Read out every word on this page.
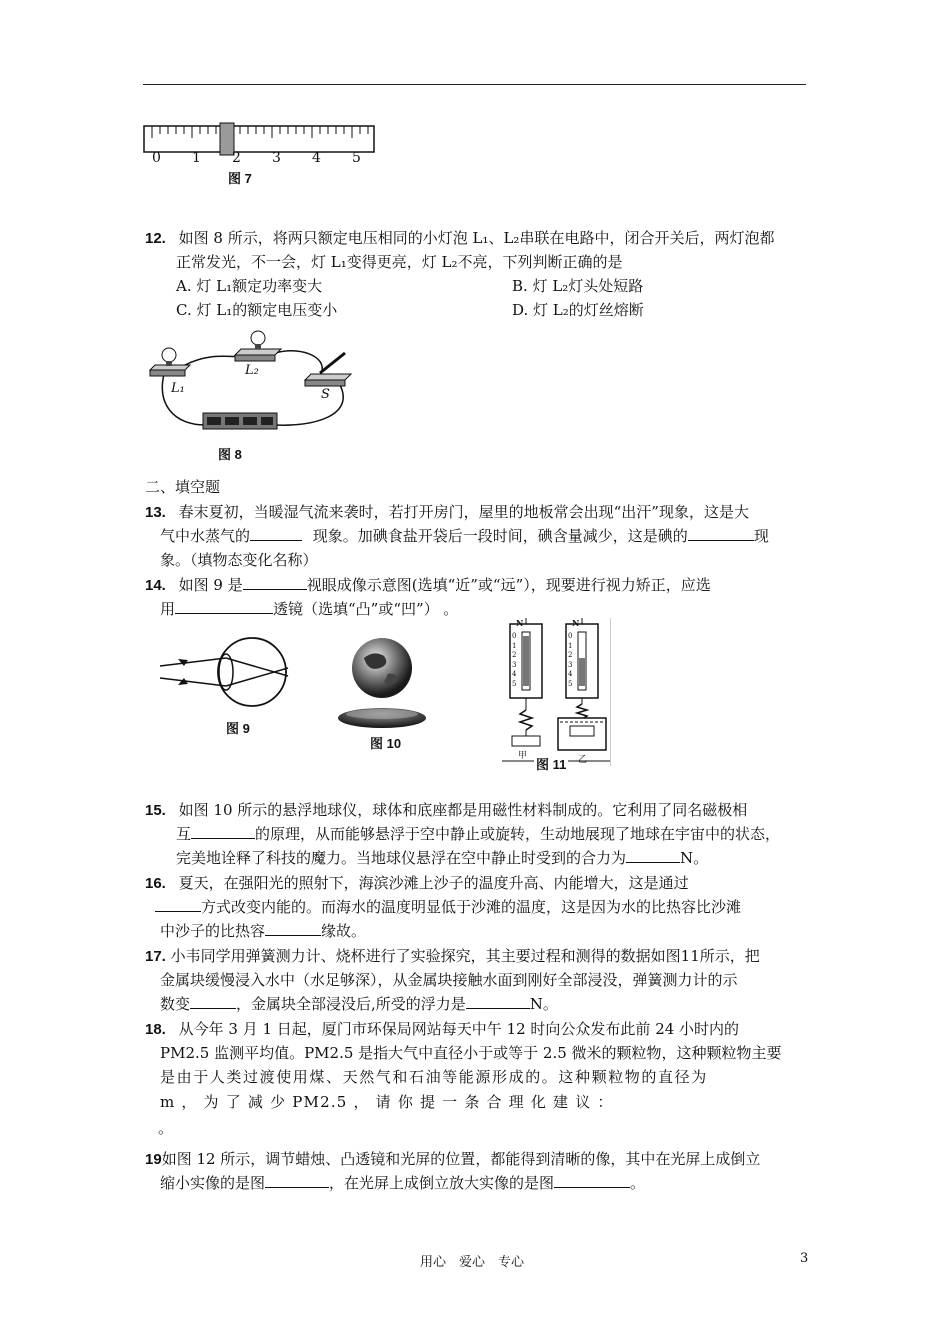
0 1 2 3 4 5
图 7
12. 如图 8 所示，将两只额定电压相同的小灯泡 L₁、L₂串联在电路中，闭合开关后，两灯泡都
正常发光，不一会，灯 L₁变得更亮，灯 L₂不亮，下列判断正确的是
A. 灯 L₁额定功率变大	B. 灯 L₂灯头处短路
C. 灯 L₁的额定电压变小	D. 灯 L₂的灯丝熔断
L₁
L₂
S
图 8
二、填空题
13. 春末夏初，当暖湿气流来袭时，若打开房门，屋里的地板常会出现“出汗”现象，这是大
气中水蒸气的	现象。加碘食盐开袋后一段时间，碘含量减少，这是碘的	现
象。（填物态变化名称）
14. 如图 9 是	视眼成像示意图(选填“近”或“远”），现要进行视力矫正，应选
用	透镜（选填“凸”或“凹”） 。
图 9
图 10
N	N
0
1
2
3
4
5
0
1
2
3
4
5
甲	乙
图 11
15. 如图 10 所示的悬浮地球仪，球体和底座都是用磁性材料制成的。它利用了同名磁极相
互	的原理，从而能够悬浮于空中静止或旋转，生动地展现了地球在宇宙中的状态，
完美地诠释了科技的魔力。当地球仪悬浮在空中静止时受到的合力为	N。
16. 夏天，在强阳光的照射下，海滨沙滩上沙子的温度升高、内能增大，这是通过
方式改变内能的。而海水的温度明显低于沙滩的温度，这是因为水的比热容比沙滩
中沙子的比热容	缘故。
17. 小韦同学用弹簧测力计、烧杯进行了实验探究，其主要过程和测得的数据如图11所示，把
金属块缓慢浸入水中（水足够深），从金属块接触水面到刚好全部浸没，弹簧测力计的示
数变	，金属块全部浸没后,所受的浮力是	N。
18. 从今年 3 月 1 日起，厦门市环保局网站每天中午 12 时向公众发布此前 24 小时内的
PM2.5 监测平均值。PM2.5 是指大气中直径小于或等于 2.5 微米的颗粒物，这种颗粒物主要
是由于人类过渡使用煤、天然气和石油等能源形成的。这种颗粒物的直径为
m ， 为 了 减 少 PM2.5 ， 请 你 提 一 条 合 理 化 建 议 ：
。
19如图 12 所示，调节蜡烛、凸透镜和光屏的位置，都能得到清晰的像，其中在光屏上成倒立
缩小实像的是图	，在光屏上成倒立放大实像的是图	。
用心　爱心　专心	3
